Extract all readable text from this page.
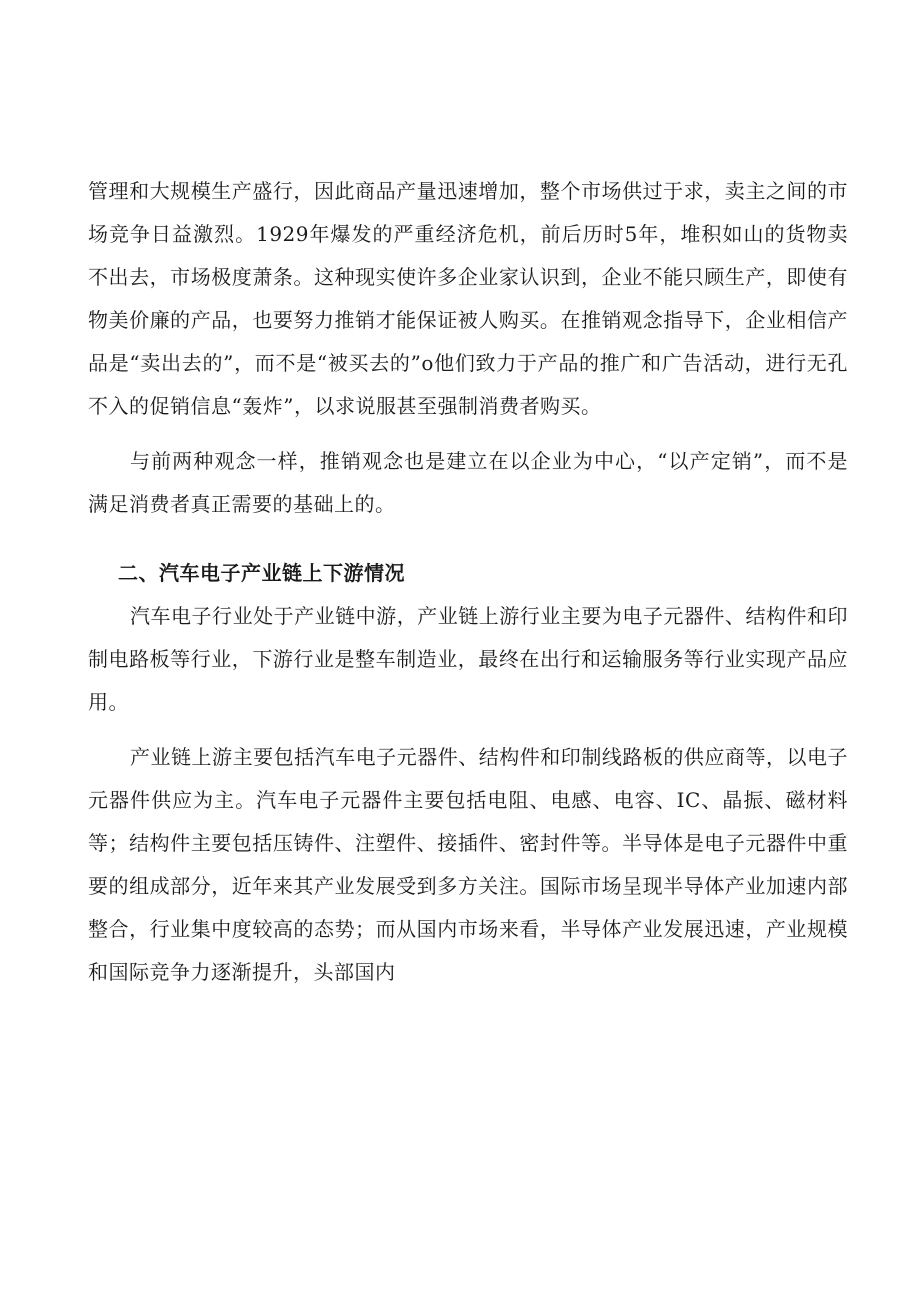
管理和大规模生产盛行，因此商品产量迅速增加，整个市场供过于求，卖主之间的市场竞争日益激烈。1929年爆发的严重经济危机，前后历时5年，堆积如山的货物卖不出去，市场极度萧条。这种现实使许多企业家认识到，企业不能只顾生产，即使有物美价廉的产品，也要努力推销才能保证被人购买。在推销观念指导下，企业相信产品是“卖出去的”，而不是“被买去的”o他们致力于产品的推广和广告活动，进行无孔不入的促销信息“轰炸”，以求说服甚至强制消费者购买。

与前两种观念一样，推销观念也是建立在以企业为中心，“以产定销”，而不是满足消费者真正需要的基础上的。

二、汽车电子产业链上下游情况

汽车电子行业处于产业链中游，产业链上游行业主要为电子元器件、结构件和印制电路板等行业，下游行业是整车制造业，最终在出行和运输服务等行业实现产品应用。

产业链上游主要包括汽车电子元器件、结构件和印制线路板的供应商等，以电子元器件供应为主。汽车电子元器件主要包括电阻、电感、电容、IC、晶振、磁材料等；结构件主要包括压铸件、注塑件、接插件、密封件等。半导体是电子元器件中重要的组成部分，近年来其产业发展受到多方关注。国际市场呈现半导体产业加速内部整合，行业集中度较高的态势；而从国内市场来看，半导体产业发展迅速，产业规模和国际竞争力逐渐提升，头部国内
